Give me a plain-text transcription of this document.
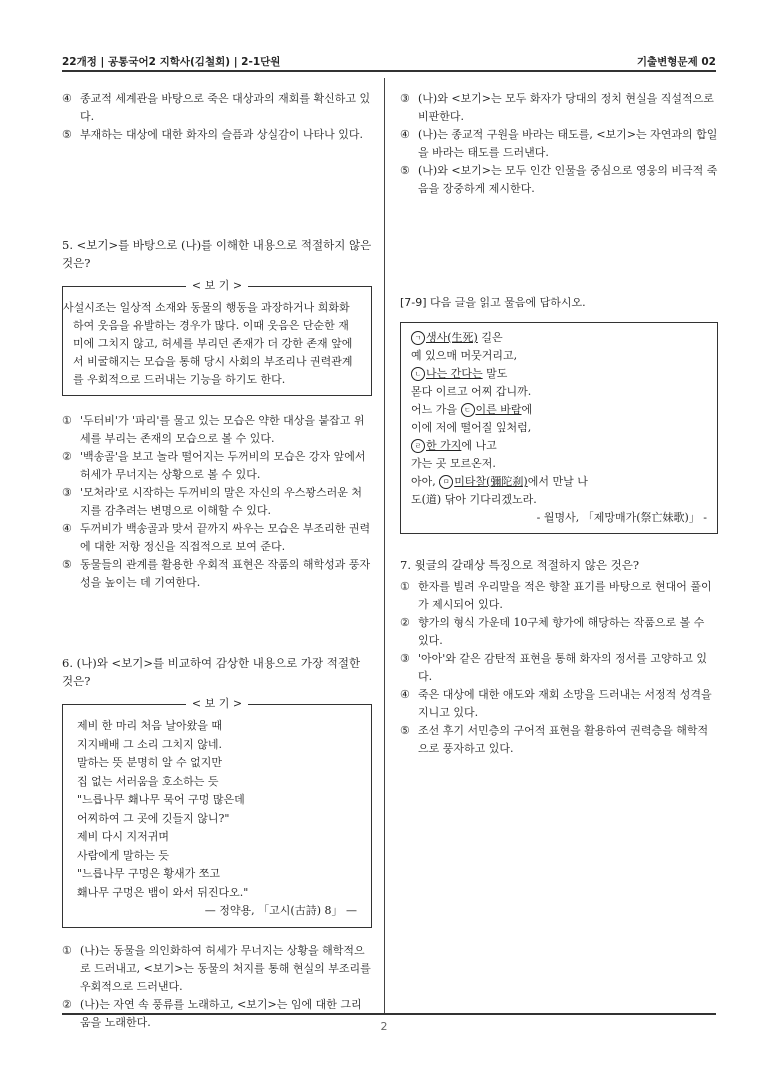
22개정 | 공통국어2 지학사(김철회) | 2-1단원	기출변형문제 02
④ 종교적 세계관을 바탕으로 죽은 대상과의 재회를 확신하고 있다.
⑤ 부재하는 대상에 대한 화자의 슬픔과 상실감이 나타나 있다.
5. <보기>를 바탕으로 (나)를 이해한 내용으로 적절하지 않은 것은?
< 보 기 >
사설시조는 일상적 소재와 동물의 행동을 과장하거나 희화화하여 웃음을 유발하는 경우가 많다. 이때 웃음은 단순한 재미에 그치지 않고, 허세를 부리던 존재가 더 강한 존재 앞에서 비굴해지는 모습을 통해 당시 사회의 부조리나 권력관계를 우회적으로 드러내는 기능을 하기도 한다.
① '두터비'가 '파리'를 물고 있는 모습은 약한 대상을 붙잡고 위세를 부리는 존재의 모습으로 볼 수 있다.
② '백송골'을 보고 놀라 떨어지는 두꺼비의 모습은 강자 앞에서 허세가 무너지는 상황으로 볼 수 있다.
③ '모처라'로 시작하는 두꺼비의 말은 자신의 우스꽝스러운 처지를 감추려는 변명으로 이해할 수 있다.
④ 두꺼비가 백송골과 맞서 끝까지 싸우는 모습은 부조리한 권력에 대한 저항 정신을 직접적으로 보여 준다.
⑤ 동물들의 관계를 활용한 우회적 표현은 작품의 해학성과 풍자성을 높이는 데 기여한다.
6. (나)와 <보기>를 비교하여 감상한 내용으로 가장 적절한 것은?
< 보 기 >
제비 한 마리 처음 날아왔을 때
지지배배 그 소리 그치지 않네.
말하는 뜻 분명히 알 수 없지만
집 없는 서러움을 호소하는 듯
"느릅나무 홰나무 묵어 구멍 많은데
어찌하여 그 곳에 깃들지 않니?"
제비 다시 지저귀며
사람에게 말하는 듯
"느릅나무 구멍은 황새가 쪼고
홰나무 구멍은 뱀이 와서 뒤진다오."
— 정약용, 「고시(古詩) 8」 —
① (나)는 동물을 의인화하여 허세가 무너지는 상황을 해학적으로 드러내고, <보기>는 동물의 처지를 통해 현실의 부조리를 우회적으로 드러낸다.
② (나)는 자연 속 풍류를 노래하고, <보기>는 임에 대한 그리움을 노래한다.
③ (나)와 <보기>는 모두 화자가 당대의 정치 현실을 직설적으로 비판한다.
④ (나)는 종교적 구원을 바라는 태도를, <보기>는 자연과의 합일을 바라는 태도를 드러낸다.
⑤ (나)와 <보기>는 모두 인간 인물을 중심으로 영웅의 비극적 죽음을 장중하게 제시한다.
[7-9] 다음 글을 읽고 물음에 답하시오.
ㄱ 생사(生死) 길은
예 있으매 머뭇거리고,
ㄴ 나는 간다는 말도
몯다 이르고 어찌 갑니까.
어느 가을 ㄷ 이른 바람에
이에 저에 떨어질 잎처럼,
ㄹ 한 가지에 나고
가는 곳 모르온저.
아아, ㅁ 미타찰(彌陀刹)에서 만날 나
도(道) 닦아 기다리겠노라.
- 월명사, 「제망매가(祭亡妹歌)」 -
7. 윗글의 갈래상 특징으로 적절하지 않은 것은?
① 한자를 빌려 우리말을 적은 향찰 표기를 바탕으로 현대어 풀이가 제시되어 있다.
② 향가의 형식 가운데 10구체 향가에 해당하는 작품으로 볼 수 있다.
③ '아아'와 같은 감탄적 표현을 통해 화자의 정서를 고양하고 있다.
④ 죽은 대상에 대한 애도와 재회 소망을 드러내는 서정적 성격을 지니고 있다.
⑤ 조선 후기 서민층의 구어적 표현을 활용하여 권력층을 해학적으로 풍자하고 있다.
2
